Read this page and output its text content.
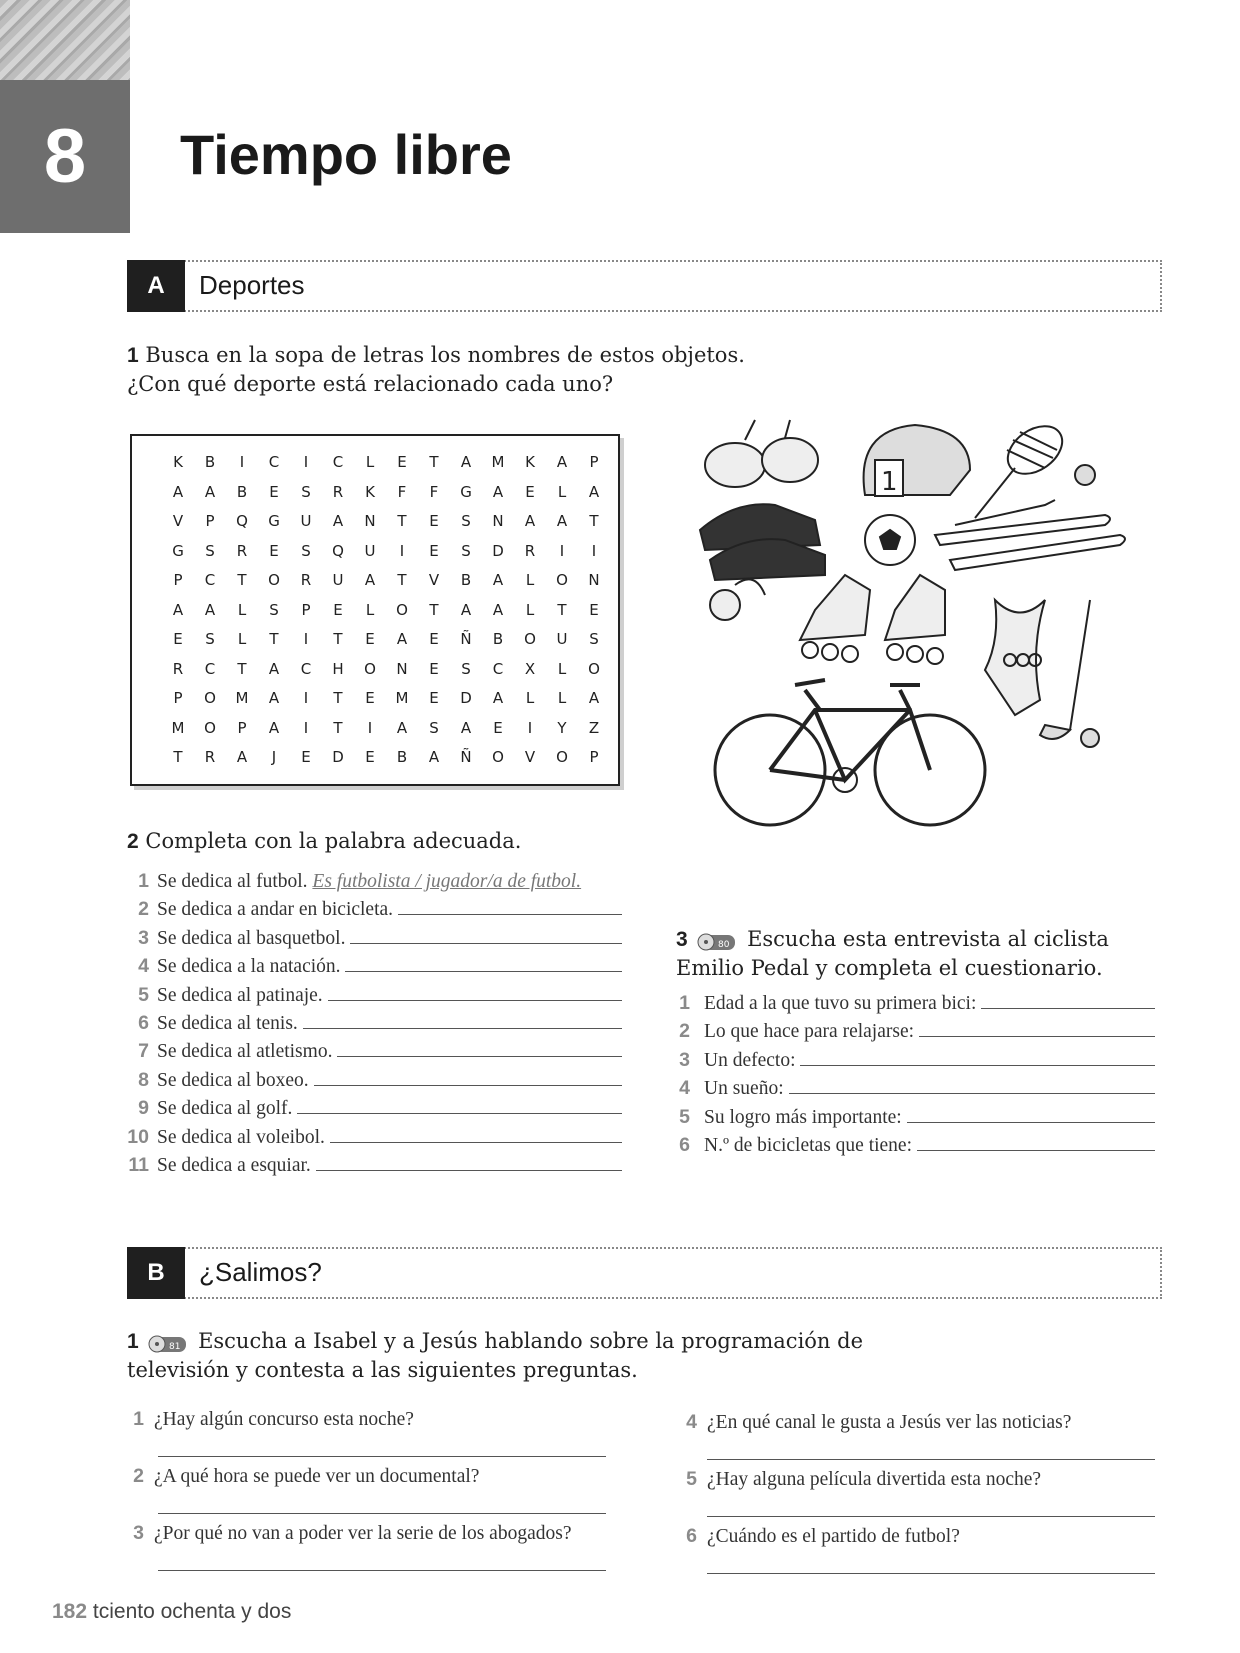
8	Tiempo libre
A	Deportes
1 Busca en la sopa de letras los nombres de estos objetos.
¿Con qué deporte está relacionado cada uno?
K	B	I	C	I	C	L	E	T	A	M	K	A	P
A	A	B	E	S	R	K	F	F	G	A	E	L	A
V	P	Q	G	U	A	N	T	E	S	N	A	A	T
G	S	R	E	S	Q	U	I	E	S	D	R	I	I
P	C	T	O	R	U	A	T	V	B	A	L	O	N
A	A	L	S	P	E	L	O	T	A	A	L	T	E
E	S	L	T	I	T	E	A	E	Ñ	B	O	U	S
R	C	T	A	C	H	O	N	E	S	C	X	L	O
P	O	M	A	I	T	E	M	E	D	A	L	L	A
M	O	P	A	I	T	I	A	S	A	E	I	Y	Z
T	R	A	J	E	D	E	B	A	Ñ	O	V	O	P
1
2 Completa con la palabra adecuada.
1 Se dedica al futbol. Es futbolista / jugador/a de futbol.
2 Se dedica a andar en bicicleta.
3 Se dedica al basquetbol.
4 Se dedica a la natación.
5 Se dedica al patinaje.
6 Se dedica al tenis.
7 Se dedica al atletismo.
8 Se dedica al boxeo.
9 Se dedica al golf.
10 Se dedica al voleibol.
11 Se dedica a esquiar.
3	80 Escucha esta entrevista al ciclista
Emilio Pedal y completa el cuestionario.
1 Edad a la que tuvo su primera bici:
2 Lo que hace para relajarse:
3 Un defecto:
4 Un sueño:
5 Su logro más importante:
6 N.º de bicicletas que tiene:
B	¿Salimos?
1	81 Escucha a Isabel y a Jesús hablando sobre la programación de
televisión y contesta a las siguientes preguntas.
1 ¿Hay algún concurso esta noche?
2 ¿A qué hora se puede ver un documental?
3 ¿Por qué no van a poder ver la serie de los abogados?
4 ¿En qué canal le gusta a Jesús ver las noticias?
5 ¿Hay alguna película divertida esta noche?
6 ¿Cuándo es el partido de futbol?
182 tciento ochenta y dos
